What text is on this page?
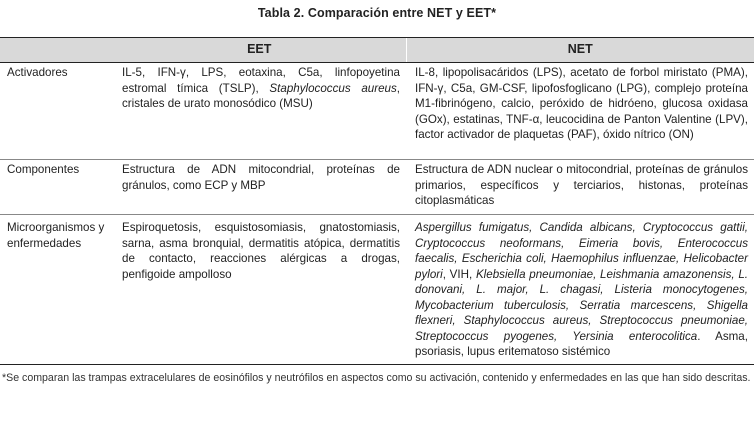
Tabla 2. Comparación entre NET y EET*
	EET	NET
Activadores	IL-5, IFN-γ, LPS, eotaxina, C5a, linfopoyetina estromal tímica (TSLP), Staphylococcus aureus, cristales de urato monosódico (MSU)	IL-8, lipopolisacáridos (LPS), acetato de forbol miristato (PMA), IFN-γ, C5a, GM-CSF, lipofosfoglicano (LPG), complejo proteína M1-fibrinógeno, calcio, peróxido de hidróeno, glucosa oxidasa (GOx), estatinas, TNF-α, leucocidina de Panton Valentine (LPV), factor activador de plaquetas (PAF), óxido nítrico (ON)
Componentes	Estructura de ADN mitocondrial, proteínas de gránulos, como ECP y MBP	Estructura de ADN nuclear o mitocondrial, proteínas de gránulos primarios, específicos y terciarios, histonas, proteínas citoplasmáticas
Microorganismos y enfermedades	Espiroquetosis, esquistosomiasis, gnatostomiasis, sarna, asma bronquial, dermatitis atópica, dermatitis de contacto, reacciones alérgicas a drogas, penfigoide ampolloso	Aspergillus fumigatus, Candida albicans, Cryptococcus gattii, Cryptococcus neoformans, Eimeria bovis, Enterococcus faecalis, Escherichia coli, Haemophilus influenzae, Helicobacter pylori, VIH, Klebsiella pneumoniae, Leishmania amazonensis, L. donovani, L. major, L. chagasi, Listeria monocytogenes, Mycobacterium tuberculosis, Serratia marcescens, Shigella flexneri, Staphylococcus aureus, Streptococcus pneumoniae, Streptococcus pyogenes, Yersinia enterocolitica. Asma, psoriasis, lupus eritematoso sistémico
*Se comparan las trampas extracelulares de eosinófilos y neutrófilos en aspectos como su activación, contenido y enfermedades en las que han sido descritas.
